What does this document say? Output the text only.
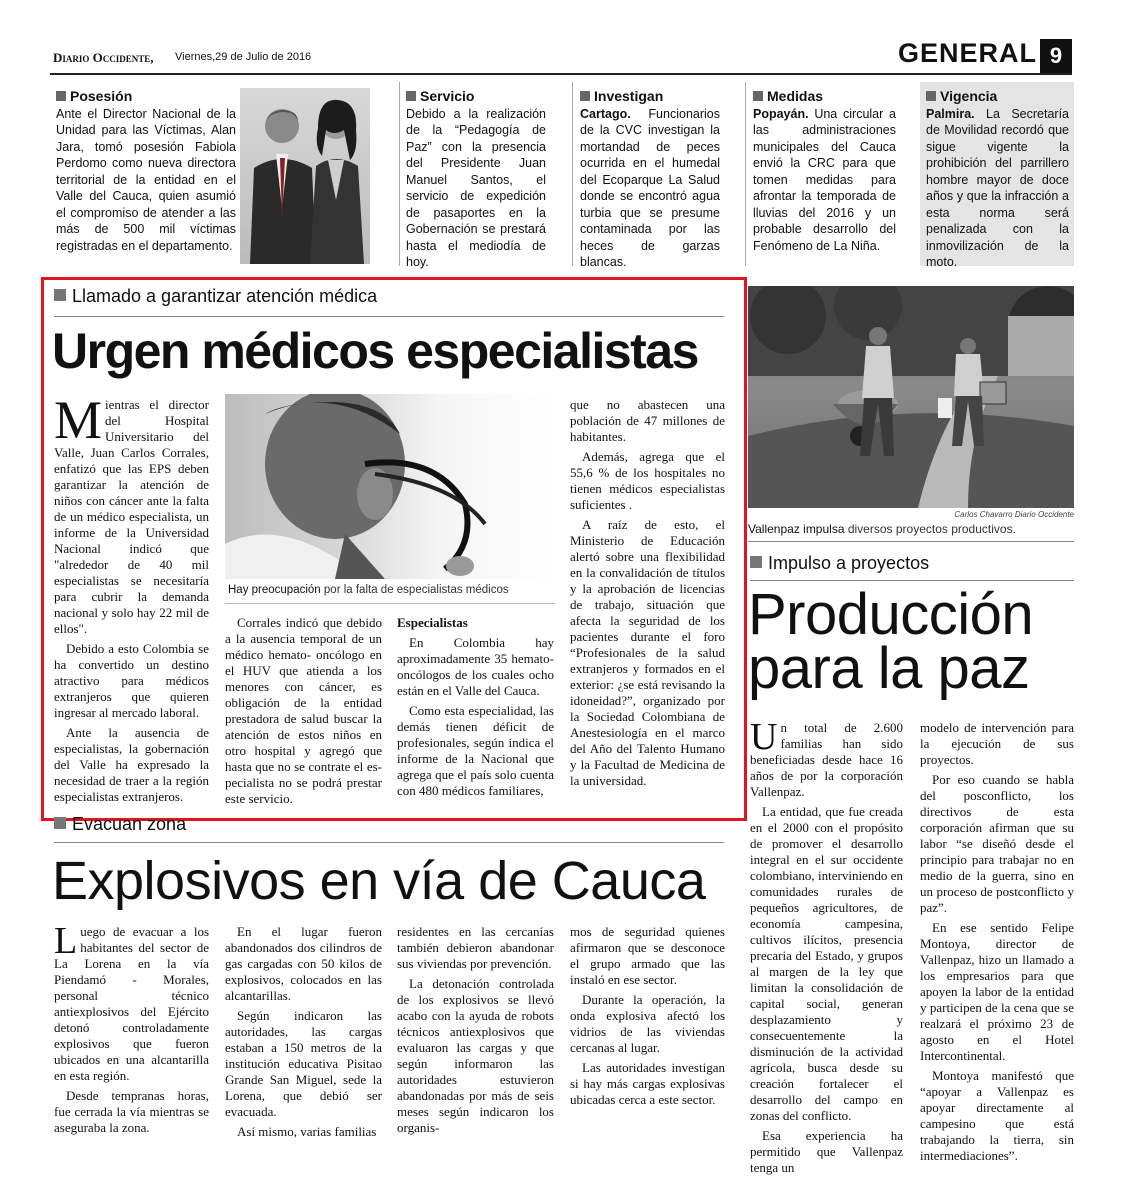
Diario Occidente, Viernes,29 de Julio de 2016	GENERAL 9
Posesión
Ante el Director Nacional de la Unidad para las Víctimas, Alan Jara, tomó posesión Fabiola Perdomo como nueva directora territorial de la entidad en el Valle del Cauca, quien asumió el compromiso de atender a las más de 500 mil víctimas registradas en el departamento.
Servicio
Debido a la realización de la “Pedagogía de Paz” con la presencia del Presidente Juan Manuel Santos, el servicio de expedición de pasaportes en la Gobernación se prestará hasta el mediodía de hoy.
Investigan
Cartago. Funcionarios de la CVC investigan la mortandad de peces ocurrida en el humedal del Ecoparque La Salud donde se encontró agua turbia que se presume contaminada por las heces de garzas blancas.
Medidas
Popayán. Una circular a las administraciones municipales del Cauca envió la CRC para que tomen medidas para afrontar la temporada de lluvias del 2016 y un probable desarrollo del Fenómeno de La Niña.
Vigencia
Palmira. La Secretaría de Movilidad recordó que sigue vigente la prohibición del parrillero hombre mayor de doce años y que la infracción a esta norma será penalizada con la inmovilización de la moto.
Llamado a garantizar atención médica
Urgen médicos especialistas

Mientras el director del Hospital Universitario del Valle, Juan Carlos Corrales, enfatizó que las EPS deben garantizar la atención de niños con cáncer ante la falta de un médico especialista, un informe de la Universidad Nacional indicó que "alrededor de 40 mil especialistas se necesitaría para cubrir la demanda nacional y solo hay 22 mil de ellos".

Debido a esto Colombia se ha convertido un destino atractivo para médicos extranjeros que quieren ingresar al mercado laboral.

Ante la ausencia de especialistas, la gobernación del Valle ha expresado la necesidad de traer a la región especialistas extranjeros.

Hay preocupación por la falta de especialistas médicos

Corrales indicó que debido a la ausencia temporal de un médico hemato- oncólogo en el HUV que atienda a los menores con cáncer, es obligación de la entidad prestadora de salud buscar la atención de estos niños en otro hospital y agregó que hasta que no se contrate el es-pecialista no se podrá prestar este servicio.

Especialistas

En Colombia hay aproximadamente 35 hemato- oncólogos de los cuales ocho están en el Valle del Cauca.

Como esta especialidad, las demás tienen déficit de profesionales, según indica el informe de la Nacional que agrega que el país solo cuenta con 480 médicos familiares,

que no abastecen una población de 47 millones de habitantes.

Además, agrega que el 55,6 % de los hospitales no tienen médicos especialistas suficientes .

A raíz de esto, el Ministerio de Educación alertó sobre una flexibilidad en la convalidación de títulos y la aprobación de licencias de trabajo, situación que afecta la seguridad de los pacientes durante el foro “Profesionales de la salud extranjeros y formados en el exterior: ¿se está revisando la idoneidad?”, organizado por la Sociedad Colombiana de Anestesiología en el marco del Año del Talento Humano y la Facultad de Medicina de la universidad.

Carlos Chavarro Diario Occidente
Vallenpaz impulsa diversos proyectos productivos.
Impulso a proyectos
Producción para la paz

Un total de 2.600 familias han sido beneficiadas desde hace 16 años de por la corporación Vallenpaz.

La entidad, que fue creada en el 2000 con el propósito de promover el desarrollo integral en el sur occidente colombiano, interviniendo en comunidades rurales de pequeños agricultores, de economía campesina, cultivos ilícitos, presencia precaria del Estado, y grupos al margen de la ley que limitan la consolidación de capital social, generan desplazamiento y consecuentemente la disminución de la actividad agrícola, busca desde su creación fortalecer el desarrollo del campo en zonas del conflicto.

Esa experiencia ha permitido que Vallenpaz tenga un

modelo de intervención para la ejecución de sus proyectos.

Por eso cuando se habla del posconflicto, los directivos de esta corporación afirman que su labor “se diseñó desde el principio para trabajar no en medio de la guerra, sino en un proceso de postconflicto y paz”.

En ese sentido Felipe Montoya, director de Vallenpaz, hizo un llamado a los empresarios para que apoyen la labor de la entidad y participen de la cena que se realzará el próximo 23 de agosto en el Hotel Intercontinental.

Montoya manifestó que “apoyar a Vallenpaz es apoyar directamente al campesino que está trabajando la tierra, sin intermediaciones”.

Evacuan zona
Explosivos en vía de Cauca

Luego de evacuar a los habitantes del sector de La Lorena en la vía Piendamó - Morales, personal técnico antiexplosivos del Ejército detonó controladamente explosivos que fueron ubicados en una alcantarilla en esta región.

Desde tempranas horas, fue cerrada la vía mientras se aseguraba la zona.

En el lugar fueron abandonados dos cilindros de gas cargadas con 50 kilos de explosivos, colocados en las alcantarillas.

Según indicaron las autoridades, las cargas estaban a 150 metros de la institución educativa Pisitao Grande San Miguel, sede la Lorena, que debió ser evacuada.

Así mismo, varias familias

residentes en las cercanías también debieron abandonar sus viviendas por prevención.

La detonación controlada de los explosivos se llevó acabo con la ayuda de robots técnicos antiexplosivos que evaluaron las cargas y que según informaron las autoridades estuvieron abandonadas por más de seis meses según indicaron los organis-

mos de seguridad quienes afirmaron que se desconoce el grupo armado que las instaló en ese sector.

Durante la operación, la onda explosiva afectó los vidrios de las viviendas cercanas al lugar.

Las autoridades investigan si hay más cargas explosivas ubicadas cerca a este sector.
